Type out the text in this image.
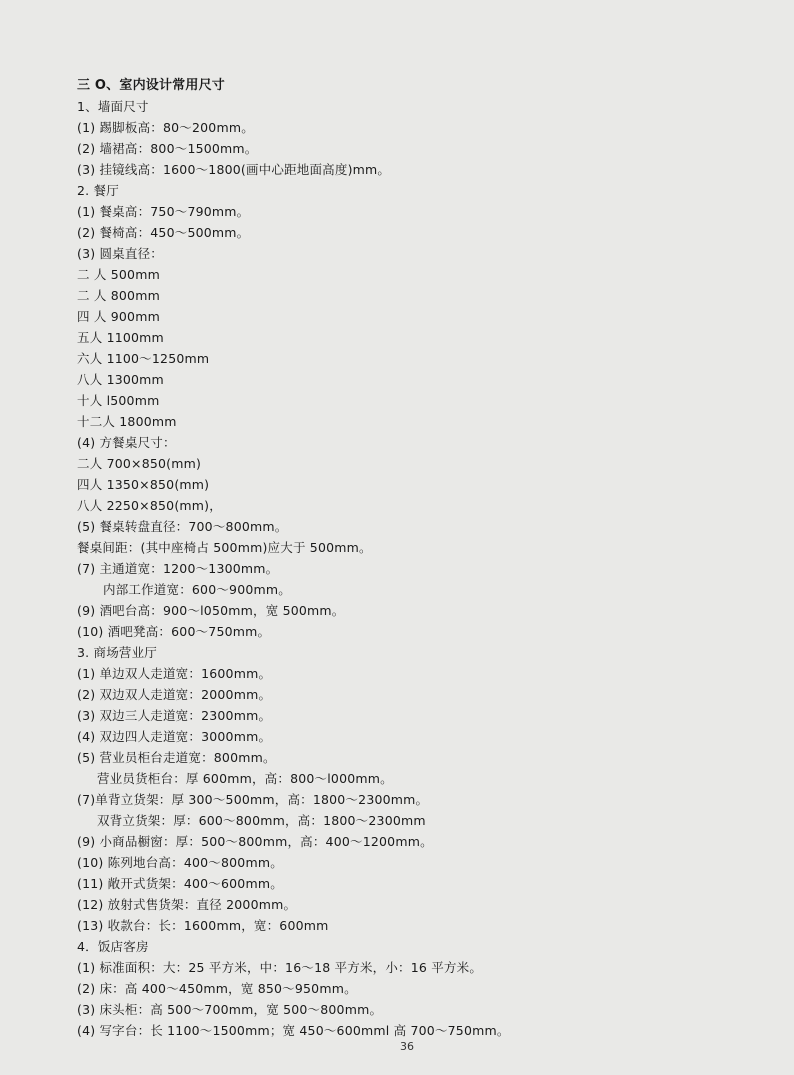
三 O、室内设计常用尺寸
1、墙面尺寸
(1) 踢脚板高：80～200mm。
(2) 墙裙高：800～1500mm。
(3) 挂镜线高：1600～1800(画中心距地面高度)mm。
2. 餐厅
(1) 餐桌高：750～790mm。
(2) 餐椅高：450～500mm。
(3) 圆桌直径：
二 人 500mm
二 人 800mm
四 人 900mm
五人 1100mm
六人 1100～1250mm
八人 1300mm
十人 l500mm
十二人 1800mm
(4) 方餐桌尺寸：
二人 700×850(mm)
四人 1350×850(mm)
八人 2250×850(mm)，
(5) 餐桌转盘直径：700～800mm。
餐桌间距：(其中座椅占 500mm)应大于 500mm。
(7) 主通道宽：1200～1300mm。
内部工作道宽：600～900mm。
(9) 酒吧台高：900～l050mm，宽 500mm。
(10) 酒吧凳高：600～750mm。
3. 商场营业厅
(1) 单边双人走道宽：1600mm。
(2) 双边双人走道宽：2000mm。
(3) 双边三人走道宽：2300mm。
(4) 双边四人走道宽：3000mm。
(5) 营业员柜台走道宽：800mm。
营业员货柜台：厚 600mm，高：800～l000mm。
(7)单背立货架：厚 300～500mm，高：1800～2300mm。
双背立货架：厚：600～800mm，高：1800～2300mm
(9) 小商品橱窗：厚：500～800mm，高：400～1200mm。
(10) 陈列地台高：400～800mm。
(11) 敞开式货架：400～600mm。
(12) 放射式售货架：直径 2000mm。
(13) 收款台：长：1600mm，宽：600mm
4．饭店客房
(1) 标准面积：大：25 平方米，中：16～18 平方米，小：16 平方米。
(2) 床：高 400～450mm，宽 850～950mm。
(3) 床头柜：高 500～700mm，宽 500～800mm。
(4) 写字台：长 1100～1500mm；宽 450～600mml 高 700～750mm。
36
